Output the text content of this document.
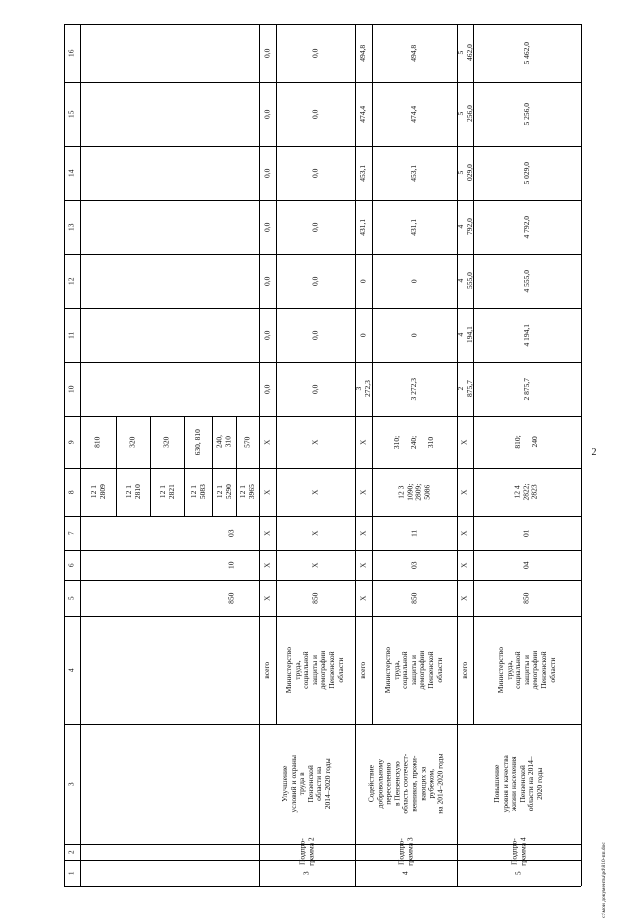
2
1
2
3
4
5
6
7
8
9
10
11
12
13
14
15
16
850
10
03
12 1
2809
810
12 1
2810
320
12 1
2821
320
12 1
5083
630, 810
12 1
5290
240, 310
12 1
3965
570
3
Подпро-
грамма 2
Улучшение
условий и охраны
труда в
Пензенской
области на
2014–2020 годы
всего
X
X
X
X
X
0,0
0,0
0,0
0,0
0,0
0,0
0,0
Министерство
труда,
социальной
защиты и
демографии
Пензенской
области
850
X
X
X
X
0,0
0,0
0,0
0,0
0,0
0,0
0,0
4
Подпро-
грамма 3
Содействие
добровольному
переселению
в Пензенскую
область соотечест-
венников, прожи-
вающих за
рубежом,
на 2014–2020 годы
всего
X
X
X
X
X
3 272,3
0
0
431,1
453,1
474,4
494,8
Министерство
труда,
социальной
защиты и
демографии
Пензенской
области
850
03
11
12 3
1090;
2809;
5086
310;

240;

310
3 272,3
0
0
431,1
453,1
474,4
494,8
5
Подпро-
грамма 4
Повышение
уровня и качества
жизни населения
Пензенской
области на 2014–
2020 годы
всего
X
X
X
X
X
2 875,7
4 194,1
4 555,0
4 792,0
5 029,0
5 256,0
5 462,0
Министерство
труда,
социальной
защиты и
демографии
Пензенской
области
850
04
01
12 4
2822;
2823
810;

240
2 875,7
4 194,1
4 555,0
4 792,0
5 029,0
5 256,0
5 462,0
c:\мои документы\pd\810-пп.doc
